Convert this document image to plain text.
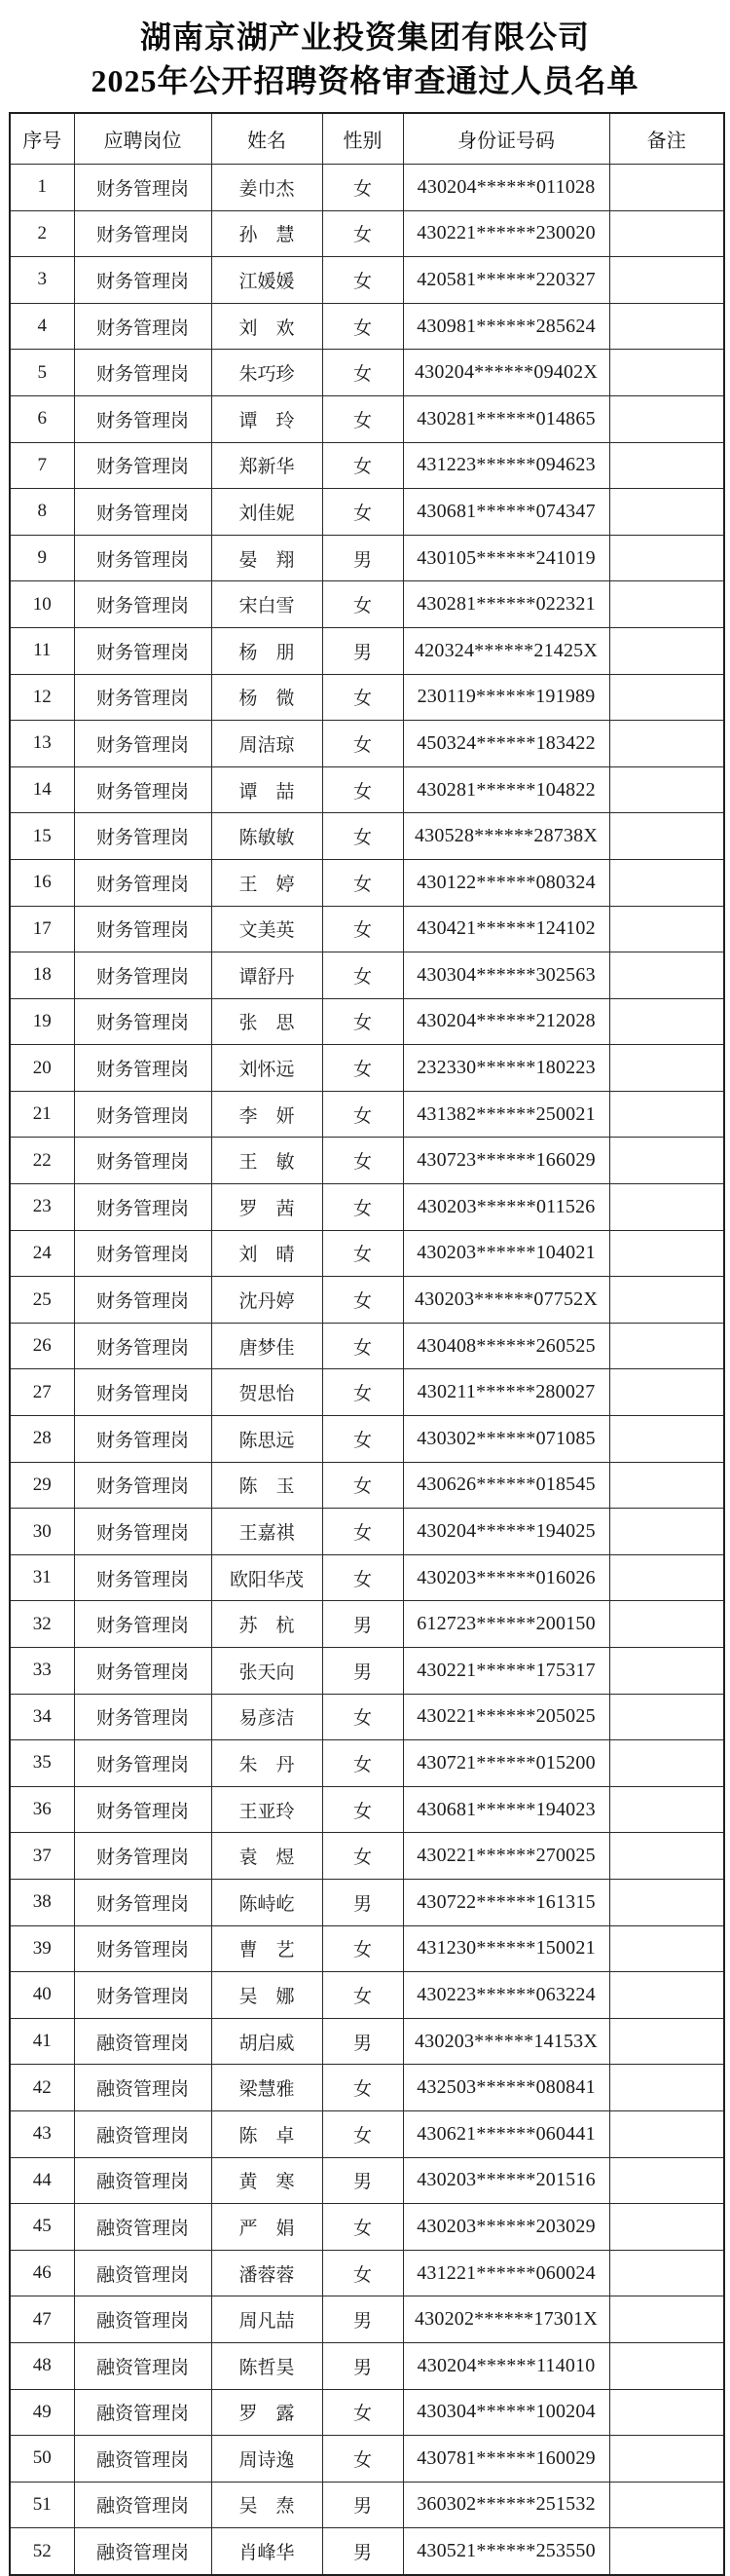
湖南京湖产业投资集团有限公司
2025年公开招聘资格审查通过人员名单
序号	应聘岗位	姓名	性别	身份证号码	备注
1	财务管理岗	姜巾杰	女	430204******011028	
2	财务管理岗	孙　慧	女	430221******230020	
3	财务管理岗	江媛媛	女	420581******220327	
4	财务管理岗	刘　欢	女	430981******285624	
5	财务管理岗	朱巧珍	女	430204******09402X	
6	财务管理岗	谭　玲	女	430281******014865	
7	财务管理岗	郑新华	女	431223******094623	
8	财务管理岗	刘佳妮	女	430681******074347	
9	财务管理岗	晏　翔	男	430105******241019	
10	财务管理岗	宋白雪	女	430281******022321	
11	财务管理岗	杨　朋	男	420324******21425X	
12	财务管理岗	杨　微	女	230119******191989	
13	财务管理岗	周洁琼	女	450324******183422	
14	财务管理岗	谭　喆	女	430281******104822	
15	财务管理岗	陈敏敏	女	430528******28738X	
16	财务管理岗	王　婷	女	430122******080324	
17	财务管理岗	文美英	女	430421******124102	
18	财务管理岗	谭舒丹	女	430304******302563	
19	财务管理岗	张　思	女	430204******212028	
20	财务管理岗	刘怀远	女	232330******180223	
21	财务管理岗	李　妍	女	431382******250021	
22	财务管理岗	王　敏	女	430723******166029	
23	财务管理岗	罗　茜	女	430203******011526	
24	财务管理岗	刘　晴	女	430203******104021	
25	财务管理岗	沈丹婷	女	430203******07752X	
26	财务管理岗	唐梦佳	女	430408******260525	
27	财务管理岗	贺思怡	女	430211******280027	
28	财务管理岗	陈思远	女	430302******071085	
29	财务管理岗	陈　玉	女	430626******018545	
30	财务管理岗	王嘉祺	女	430204******194025	
31	财务管理岗	欧阳华茂	女	430203******016026	
32	财务管理岗	苏　杭	男	612723******200150	
33	财务管理岗	张天向	男	430221******175317	
34	财务管理岗	易彦洁	女	430221******205025	
35	财务管理岗	朱　丹	女	430721******015200	
36	财务管理岗	王亚玲	女	430681******194023	
37	财务管理岗	袁　煜	女	430221******270025	
38	财务管理岗	陈峙屹	男	430722******161315	
39	财务管理岗	曹　艺	女	431230******150021	
40	财务管理岗	吴　娜	女	430223******063224	
41	融资管理岗	胡启威	男	430203******14153X	
42	融资管理岗	梁慧雅	女	432503******080841	
43	融资管理岗	陈　卓	女	430621******060441	
44	融资管理岗	黄　寒	男	430203******201516	
45	融资管理岗	严　娟	女	430203******203029	
46	融资管理岗	潘蓉蓉	女	431221******060024	
47	融资管理岗	周凡喆	男	430202******17301X	
48	融资管理岗	陈哲昊	男	430204******114010	
49	融资管理岗	罗　露	女	430304******100204	
50	融资管理岗	周诗逸	女	430781******160029	
51	融资管理岗	吴　焘	男	360302******251532	
52	融资管理岗	肖峰华	男	430521******253550	
